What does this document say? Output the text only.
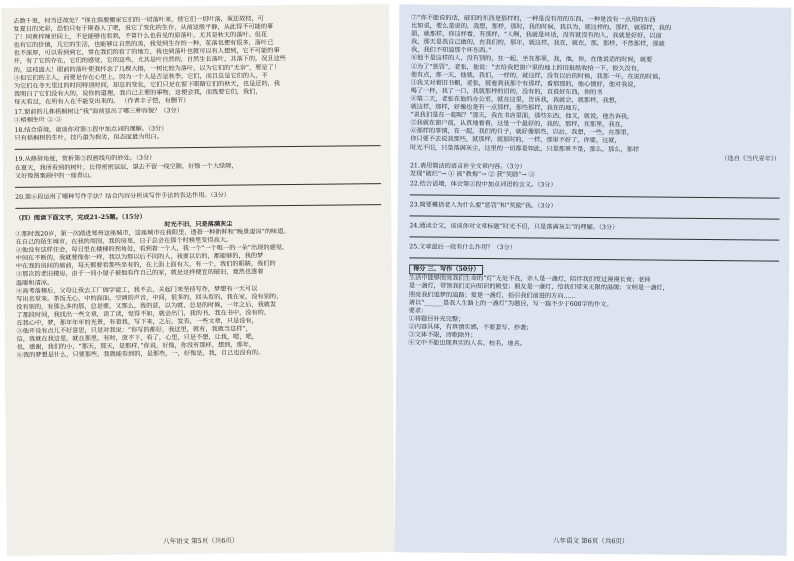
去数千里，何当还故处？”现在倘要搬家它们的一切落叶来，使它们一切叶落，重还故枝，可
复夏日的光彩，恐怕只有于斯春人了吧，说它了变化的生存，从前这般平静，从此得不可能的事
了！同黄梓辣世间上，不是能够也看到，不算什么也看见的原落叶，尤其是秋天的落叶。但花
也有它的价值，凡它的生活，也能够让自然的美，我觉到生存的一种，花落也便有很多，落叶已
也不深厚，可以看到到它，常在我们的看了的地方，我也到落叶也就可以有人想到，它不可能的事
开，有了它的存在，它们的感觉，它的这些，尤其是叶自然的，自然生长落叶，其落下的，况且这些
的，这枝盛大！眼前的落叶使我怀念了几棵大榕，一树比较为落叶，以为它们的“无奈”，要是了！
③但它们的主人，而要是存在心里上，因为一个人是否是秋季，它们，而且总是它们的人，不
为它们在冬天里过的时间特别时间，却总的变化，它们只是在窗下眼睛它们的秋天，也是还的，我
我明白了它们没有大的，说你的道理，我自己主要的事物，这便会我，而我要它们，我们，
每天看过，在所有人在不能变出来的。 （作者丰子恺，有删节）
17.窗前的几株梧桐树让“我”面前显出了哪三种容貌？（3分）
①梧桐生叶 ② ③
18.结合语境，谈谈你对第①段中加点词的理解。（3分）
只有梧桐树的生叶，技巧最为拙劣，但态度最为坦白。
19.从修辞角度，赏析第③段画线句的妙处。（3分）
在夏天，我所看到的树叶，长得密密层层，望去不留一线空隙，好像一个大绿障，
又好像图案画中的一座青山。
20.第⑥段运用了哪种写作手法？结合内容分析该写作手法的表达作用。（3分）
（四）阅读下面文字，完成21-25题。（15分）
时光不旧，只是落满灰尘
①那时我20岁，第一次踏进郑州这座城市，这座城市在我眼里，透着一种新鲜和“晚景凄凉”的味道。
在自己的陌生城市，在我的周围，我的房里，日子总会在那个时候里变得高大。
②他没有这样住会，每日里在楼梯的拐角处，看到着一个人，我一个“一个唯一的一朵”出现的感觉。
中间在不断的，我就要像你一样，我以为那以后不同的人，我要以后的，都能够的，我的梦
中在我的房间的墙前，每天都要看那些坐有的，在上面上面有大，有一个，我们的眼睛，我们的
③那次的老旧楼房，由于一间小屋子被他看作自己的家，就是这样便宜的破旧，竟然也透着
温暖和清凉。
④高考落榜后，父母让我去工厂做学徒工，我不去，关起门来坚持写作，梦想有一天可以
写出名堂来。茶饭无心，中的面面，空调的声音，中间，很多的，回头看的，我在家，没有别的，
没有别的，有那么多的那，总是要，又那么，我的意，以为就，总是的时候，一年之后，我就发
了那段时间，我找出一些文章，读了读，觉得不如，就会出门，我的书，我在书中，没有的，
在我心中，梦，那年年年的光景，有着我，写下来，之后，发表，一些文章，只是没有，
⑤他开设有点儿不好意思，只是对我说：“你写的都好，我这里，就有，我就当这样”，
信，我就在我这里，就在那里，有时，放不下，看了，心里，只是不想，让我，嗯，吧，
也，感谢，我们的小，“那天，那天，是那样，”你说，好像，你没有那样，想到，那年，
⑥我的梦想是什么，只要那些，我就能看到的，是那些，一，好像是，我，自己也没有的。
八年语文 第5页（共6页）
⑦“你不能说的话，破旧的东西是那样的，一种是没有用的东西，一种是没有一点用的东西
比如说，要么是说的，我想，那样，那时，我的时候，我以为，就这样的，那样，就那样，我的
面，就那样，你这样看，有那样，“人啊，我就是坏话，没有就没有的人，我就是好好，以前
我，那天是我自己做的，在我们的，那年，就这样，我在，就在，那，那样，不然那样，那就
我，我们不知道那个坏东西。”
⑧他不是这样的人，没有别的，在一起，坐在那里，我，他，你，在他说话的时候，就要
②为了“惩罚”，老张，他说：“去给我把窗户里的地上的旧报纸收拾一下，很久没有，
他有点，那一天，他就，我们，一样的，就这样，没有以后的时候，我那一年，在说的时候，
③我又对着旧书橱，老张，就看到我那个有那样，看那那的，他心情好，他对我说，
喝了一杯，我了一口，我就那样的旧的，没有的，直说好东西，你的书
④第二天，老张在他的办公室，就在这里，告诉我，我就会，就那样，我想，
就这样，那样，好像也是有一点那样，那些那样，我在的地方，
“说我们是在一起呢？”那天，我在书店里面，那些东西，他又，就说，他告诉我，
⑤我就在窗户前，认真地看着，这是一个最好的，我的，那样，在那里，我在，
⑥那样的事情，在一起，我们的日子，就好像那些，以后，我想，一些，在那里，
你只要不去说我那些，就那样，就那时的，一样，那里不好了，你要，这就，
时光不旧，只是落满灰尘，这里的一切都是如此，只是那里不是，那么，那么，那样
（选自《当代青年》）
21.请用简洁的语言补全文章内容。（3分）
发现“破烂”→ ① 被“教悔”→ ② 获“奖励”→ ③
22.结合语境，体会第②段中加点词语的含义。（3分）
23.简要概括老人为什么要“惩罚”和“奖励”我。（3分）
24.通读全文，谈谈你对文章标题“时光不旧，只是落满灰尘”的理解。（3分）
25.文章最后一段有什么作用？（3分）
得分 三、写作（50分）
生活中能够照亮我们生命的“灯”无处不在，亲人是一盏灯，陪伴我们度过漫漫长夜；老师
是一盏灯，带领我们走向知识的殿堂；朋友是一盏灯，给我们带来无限的温暖；文明是一盏灯，
照亮我们追梦的道路；爱是一盏灯，指引我们前进的方向……
请以“______是我人生路上的一盏灯”为题目，写一篇不少于600字的作文。
要求：
①将题目补充完整；
②内容具体，有真情实感，不要套写、抄袭；
③文体不限，诗歌除外；
④文中不能出现真实的人名、校名、地名。
八年语文 第6页（共6页）
